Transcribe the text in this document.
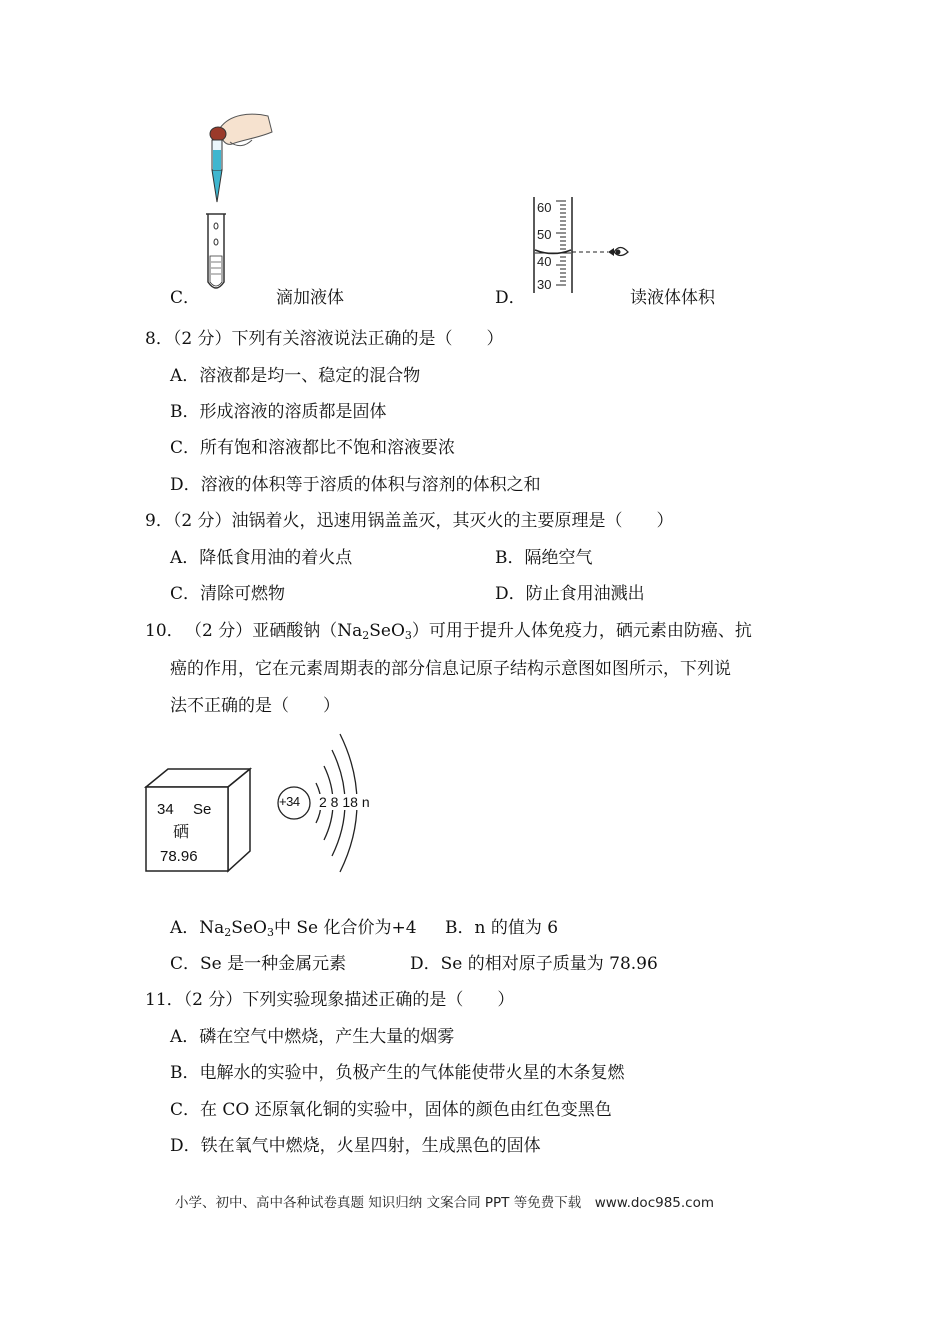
60
50
40
30
C．	滴加液体	D．	读液体体积
8．（2 分）下列有关溶液说法正确的是（　　）
A．溶液都是均一、稳定的混合物
B．形成溶液的溶质都是固体
C．所有饱和溶液都比不饱和溶液要浓
D．溶液的体积等于溶质的体积与溶剂的体积之和
9．（2 分）油锅着火，迅速用锅盖盖灭，其灭火的主要原理是（　　）
A．降低食用油的着火点	B．隔绝空气
C．清除可燃物	D．防止食用油溅出
10． （2 分）亚硒酸钠$(Na_2SeO_3)$可用于提升人体免疫力，硒元素由防癌、抗
癌的作用，它在元素周期表的部分信息记原子结构示意图如图所示，下列说
法不正确的是（　　）
34 Se
硒
78.96
+34 2 8 18 n
A．$Na_2SeO_3$中 Se 化合价为+4 B．n 的值为 6
C．Se 是一种金属元素	D．Se 的相对原子质量为 78.96
11．（2 分）下列实验现象描述正确的是（　　）
A．磷在空气中燃烧，产生大量的烟雾
B．电解水的实验中，负极产生的气体能使带火星的木条复燃
C．在 CO 还原氧化铜的实验中，固体的颜色由红色变黑色
D．铁在氧气中燃烧，火星四射，生成黑色的固体
小学、初中、高中各种试卷真题 知识归纳 文案合同 PPT 等免费下载　www.doc985.com
